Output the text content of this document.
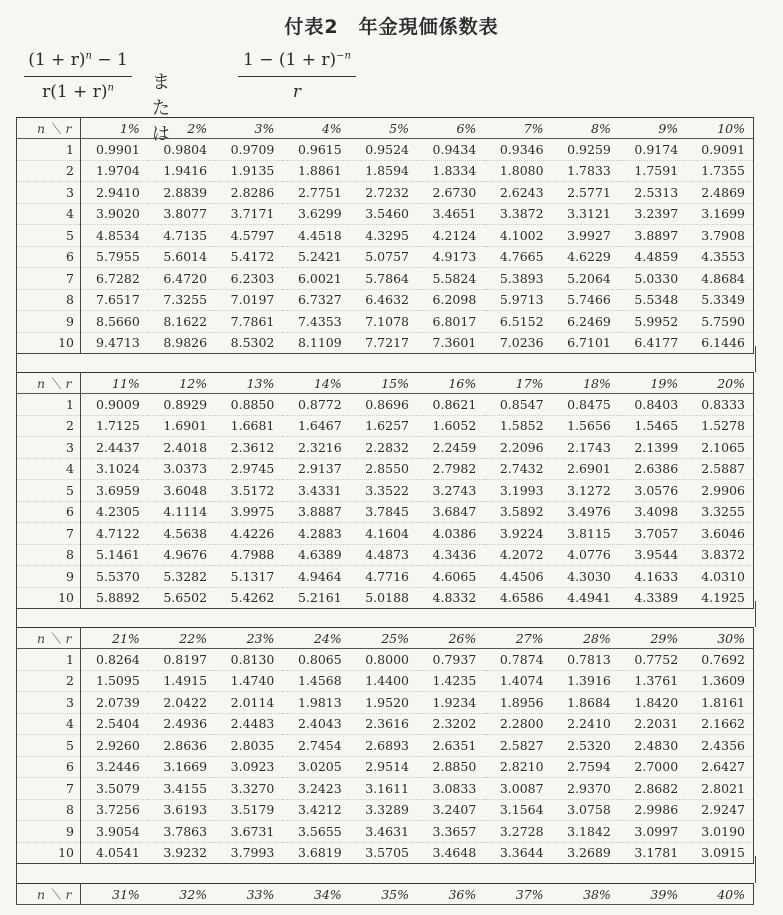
付表2　年金現価係数表
$(1 + r)^n - 1$
$r(1 + r)^n$	または
$1 - (1 + r)^{-n}$
r
n ＼ r	1%	2%	3%	4%	5%	6%	7%	8%	9%	10%
1	0.9901	0.9804	0.9709	0.9615	0.9524	0.9434	0.9346	0.9259	0.9174	0.9091
2	1.9704	1.9416	1.9135	1.8861	1.8594	1.8334	1.8080	1.7833	1.7591	1.7355
3	2.9410	2.8839	2.8286	2.7751	2.7232	2.6730	2.6243	2.5771	2.5313	2.4869
4	3.9020	3.8077	3.7171	3.6299	3.5460	3.4651	3.3872	3.3121	3.2397	3.1699
5	4.8534	4.7135	4.5797	4.4518	4.3295	4.2124	4.1002	3.9927	3.8897	3.7908
6	5.7955	5.6014	5.4172	5.2421	5.0757	4.9173	4.7665	4.6229	4.4859	4.3553
7	6.7282	6.4720	6.2303	6.0021	5.7864	5.5824	5.3893	5.2064	5.0330	4.8684
8	7.6517	7.3255	7.0197	6.7327	6.4632	6.2098	5.9713	5.7466	5.5348	5.3349
9	8.5660	8.1622	7.7861	7.4353	7.1078	6.8017	6.5152	6.2469	5.9952	5.7590
10	9.4713	8.9826	8.5302	8.1109	7.7217	7.3601	7.0236	6.7101	6.4177	6.1446
n ＼ r	11%	12%	13%	14%	15%	16%	17%	18%	19%	20%
1	0.9009	0.8929	0.8850	0.8772	0.8696	0.8621	0.8547	0.8475	0.8403	0.8333
2	1.7125	1.6901	1.6681	1.6467	1.6257	1.6052	1.5852	1.5656	1.5465	1.5278
3	2.4437	2.4018	2.3612	2.3216	2.2832	2.2459	2.2096	2.1743	2.1399	2.1065
4	3.1024	3.0373	2.9745	2.9137	2.8550	2.7982	2.7432	2.6901	2.6386	2.5887
5	3.6959	3.6048	3.5172	3.4331	3.3522	3.2743	3.1993	3.1272	3.0576	2.9906
6	4.2305	4.1114	3.9975	3.8887	3.7845	3.6847	3.5892	3.4976	3.4098	3.3255
7	4.7122	4.5638	4.4226	4.2883	4.1604	4.0386	3.9224	3.8115	3.7057	3.6046
8	5.1461	4.9676	4.7988	4.6389	4.4873	4.3436	4.2072	4.0776	3.9544	3.8372
9	5.5370	5.3282	5.1317	4.9464	4.7716	4.6065	4.4506	4.3030	4.1633	4.0310
10	5.8892	5.6502	5.4262	5.2161	5.0188	4.8332	4.6586	4.4941	4.3389	4.1925
n ＼ r	21%	22%	23%	24%	25%	26%	27%	28%	29%	30%
1	0.8264	0.8197	0.8130	0.8065	0.8000	0.7937	0.7874	0.7813	0.7752	0.7692
2	1.5095	1.4915	1.4740	1.4568	1.4400	1.4235	1.4074	1.3916	1.3761	1.3609
3	2.0739	2.0422	2.0114	1.9813	1.9520	1.9234	1.8956	1.8684	1.8420	1.8161
4	2.5404	2.4936	2.4483	2.4043	2.3616	2.3202	2.2800	2.2410	2.2031	2.1662
5	2.9260	2.8636	2.8035	2.7454	2.6893	2.6351	2.5827	2.5320	2.4830	2.4356
6	3.2446	3.1669	3.0923	3.0205	2.9514	2.8850	2.8210	2.7594	2.7000	2.6427
7	3.5079	3.4155	3.3270	3.2423	3.1611	3.0833	3.0087	2.9370	2.8682	2.8021
8	3.7256	3.6193	3.5179	3.4212	3.3289	3.2407	3.1564	3.0758	2.9986	2.9247
9	3.9054	3.7863	3.6731	3.5655	3.4631	3.3657	3.2728	3.1842	3.0997	3.0190
10	4.0541	3.9232	3.7993	3.6819	3.5705	3.4648	3.3644	3.2689	3.1781	3.0915
n ＼ r	31%	32%	33%	34%	35%	36%	37%	38%	39%	40%
